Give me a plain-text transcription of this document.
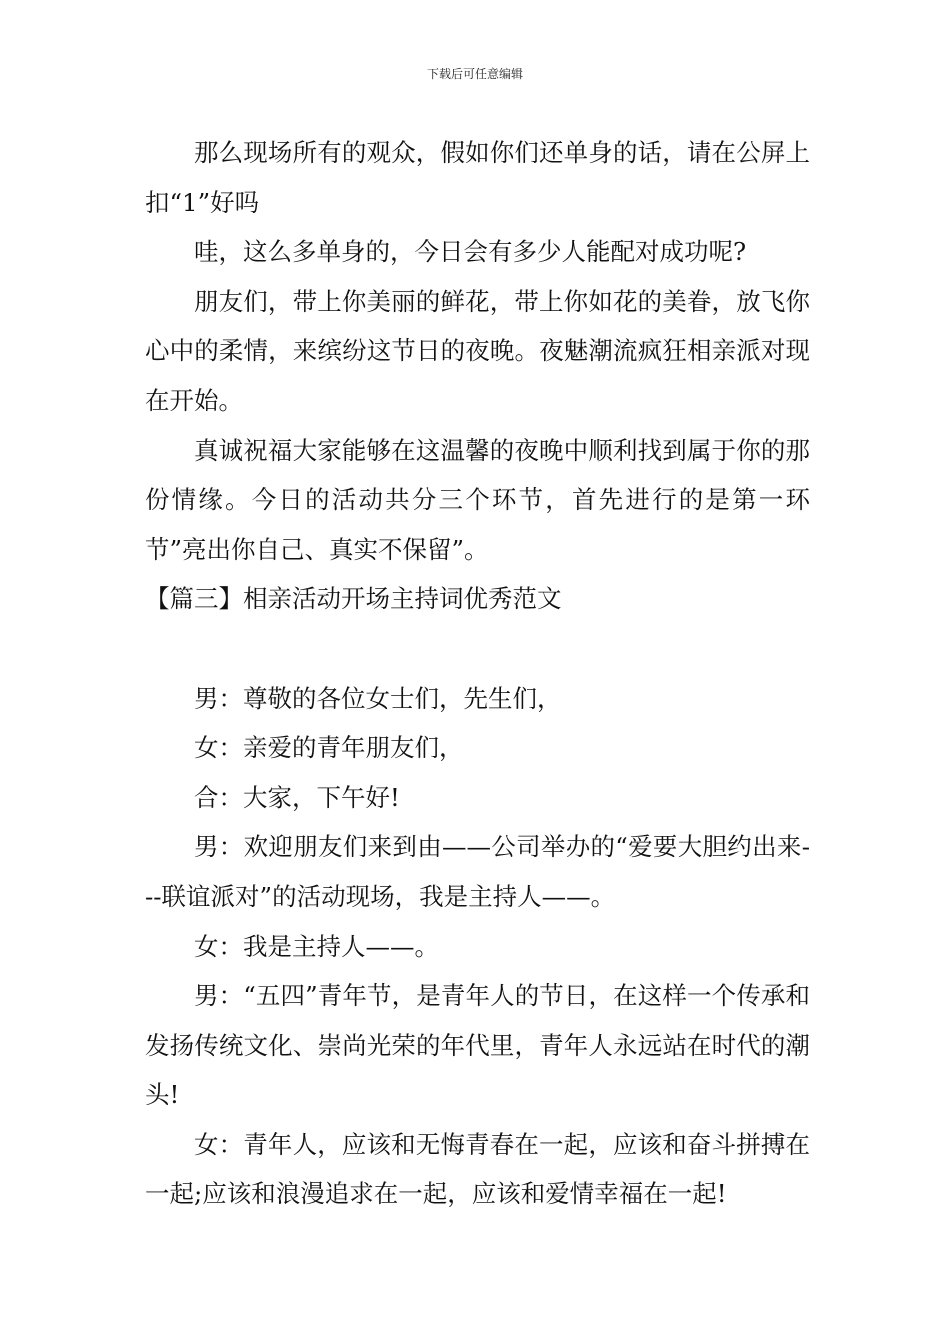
下载后可任意编辑

那么现场所有的观众，假如你们还单身的话，请在公屏上扣“1”好吗

哇，这么多单身的，今日会有多少人能配对成功呢?

朋友们，带上你美丽的鲜花，带上你如花的美眷，放飞你心中的柔情，来缤纷这节日的夜晚。夜魅潮流疯狂相亲派对现在开始。

真诚祝福大家能够在这温馨的夜晚中顺利找到属于你的那份情缘。今日的活动共分三个环节，首先进行的是第一环节”亮出你自己、真实不保留”。

【篇三】相亲活动开场主持词优秀范文

男：尊敬的各位女士们，先生们，

女：亲爱的青年朋友们，

合：大家，下午好!

男：欢迎朋友们来到由——公司举办的“爱要大胆约出来---联谊派对”的活动现场，我是主持人——。

女：我是主持人——。

男：“五四”青年节，是青年人的节日，在这样一个传承和发扬传统文化、崇尚光荣的年代里，青年人永远站在时代的潮头!

女：青年人，应该和无悔青春在一起，应该和奋斗拼搏在一起;应该和浪漫追求在一起，应该和爱情幸福在一起!
